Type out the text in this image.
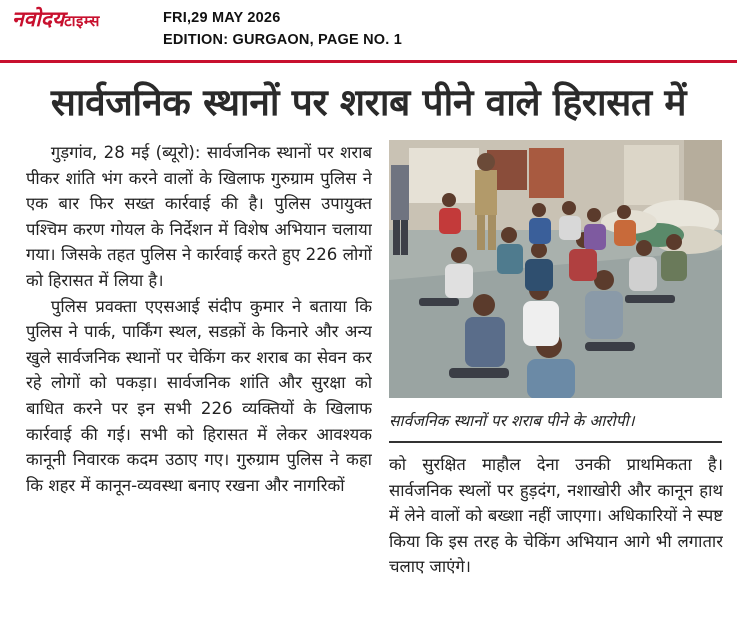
नवोदयटाइम्स	FRI,29 MAY 2026
EDITION: GURGAON, PAGE NO. 1
सार्वजनिक स्थानों पर शराब पीने वाले हिरासत में

गुड़गांव, 28 मई (ब्यूरो): सार्वजनिक स्थानों पर शराब पीकर शांति भंग करने वालों के खिलाफ गुरुग्राम पुलिस ने एक बार फिर सख्त कार्रवाई की है। पुलिस उपायुक्त पश्चिम करण गोयल के निर्देशन में विशेष अभियान चलाया गया। जिसके तहत पुलिस ने कार्रवाई करते हुए 226 लोगों को हिरासत में लिया है।

पुलिस प्रवक्ता एएसआई संदीप कुमार ने बताया कि पुलिस ने पार्क, पार्किंग स्थल, सडक़ों के किनारे और अन्य खुले सार्वजनिक स्थानों पर चेकिंग कर शराब का सेवन कर रहे लोगों को पकड़ा। सार्वजनिक शांति और सुरक्षा को बाधित करने पर इन सभी 226 व्यक्तियों के खिलाफ कार्रवाई की गई। सभी को हिरासत में लेकर आवश्यक कानूनी निवारक कदम उठाए गए। गुरुग्राम पुलिस ने कहा कि शहर में कानून-व्यवस्था बनाए रखना और नागरिकों

सार्वजनिक स्थानों पर शराब पीने के आरोपी।

को सुरक्षित माहौल देना उनकी प्राथमिकता है। सार्वजनिक स्थलों पर हुड़दंग, नशाखोरी और कानून हाथ में लेने वालों को बख्शा नहीं जाएगा। अधिकारियों ने स्पष्ट किया कि इस तरह के चेकिंग अभियान आगे भी लगातार चलाए जाएंगे।
